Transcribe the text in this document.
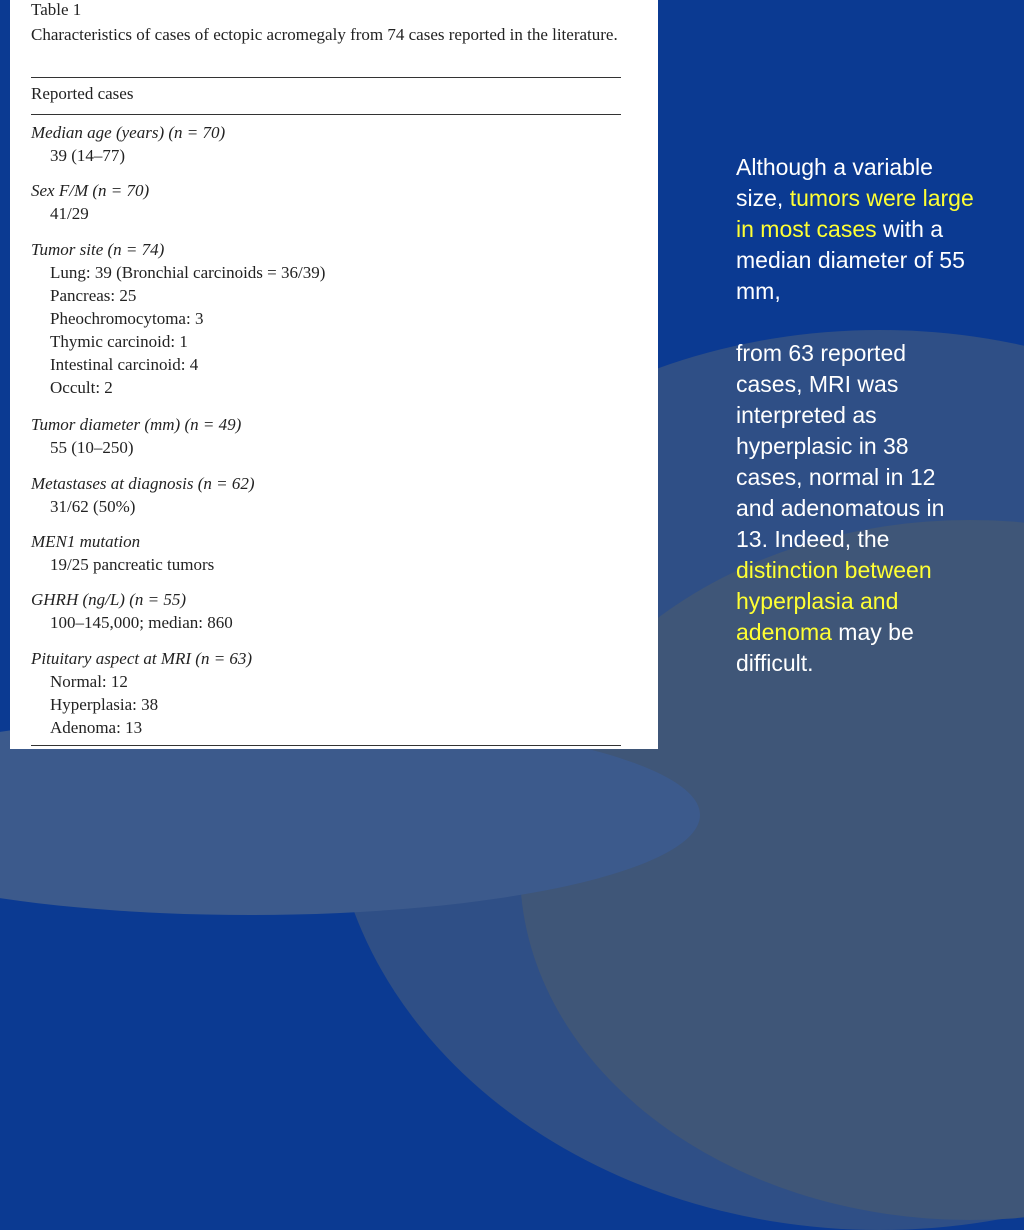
Table 1
Characteristics of cases of ectopic acromegaly from 74 cases reported in the literature.
Reported cases
Median age (years) (n = 70)
39 (14–77)
Sex F/M (n = 70)
41/29
Tumor site (n = 74)
Lung: 39 (Bronchial carcinoids = 36/39)
Pancreas: 25
Pheochromocytoma: 3
Thymic carcinoid: 1
Intestinal carcinoid: 4
Occult: 2
Tumor diameter (mm) (n = 49)
55 (10–250)
Metastases at diagnosis (n = 62)
31/62 (50%)
MEN1 mutation
19/25 pancreatic tumors
GHRH (ng/L) (n = 55)
100–145,000; median: 860
Pituitary aspect at MRI (n = 63)
Normal: 12
Hyperplasia: 38
Adenoma: 13

Although a variable size, tumors were large in most cases with a median diameter of 55 mm,

from 63 reported cases, MRI was interpreted as hyperplasic in 38 cases, normal in 12 and adenomatous in 13. Indeed, the distinction between hyperplasia and adenoma may be difficult.
